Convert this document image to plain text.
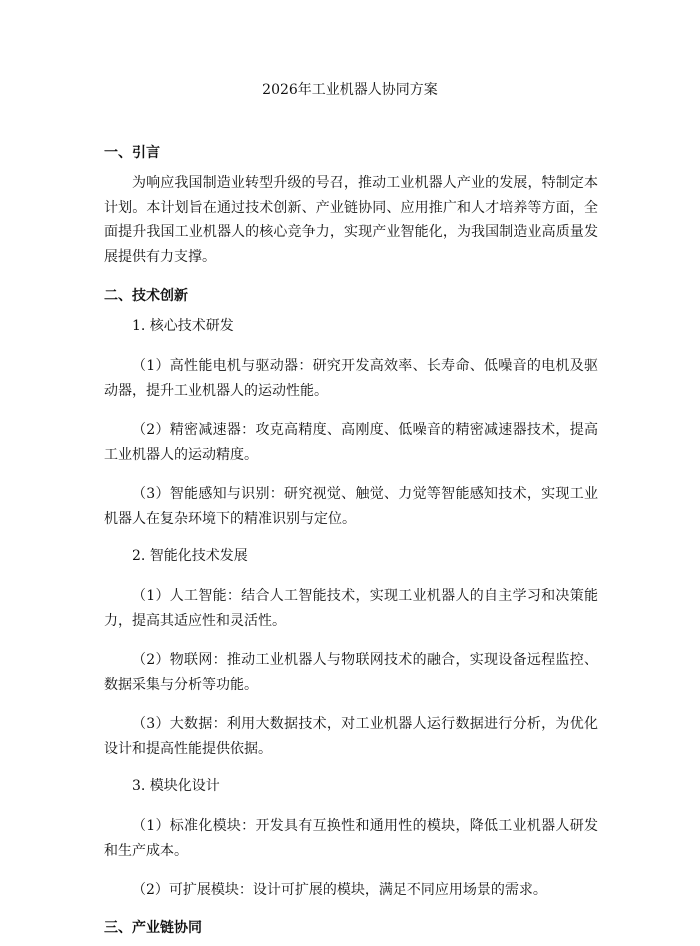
2026年工业机器人协同方案
一、引言

为响应我国制造业转型升级的号召，推动工业机器人产业的发展，特制定本计划。本计划旨在通过技术创新、产业链协同、应用推广和人才培养等方面，全面提升我国工业机器人的核心竞争力，实现产业智能化，为我国制造业高质量发展提供有力支撑。

二、技术创新
1. 核心技术研发

（1）高性能电机与驱动器：研究开发高效率、长寿命、低噪音的电机及驱动器，提升工业机器人的运动性能。

（2）精密减速器：攻克高精度、高刚度、低噪音的精密减速器技术，提高工业机器人的运动精度。

（3）智能感知与识别：研究视觉、触觉、力觉等智能感知技术，实现工业机器人在复杂环境下的精准识别与定位。

2. 智能化技术发展

（1）人工智能：结合人工智能技术，实现工业机器人的自主学习和决策能力，提高其适应性和灵活性。

（2）物联网：推动工业机器人与物联网技术的融合，实现设备远程监控、数据采集与分析等功能。

（3）大数据：利用大数据技术，对工业机器人运行数据进行分析，为优化设计和提高性能提供依据。

3. 模块化设计

（1）标准化模块：开发具有互换性和通用性的模块，降低工业机器人研发和生产成本。

（2）可扩展模块：设计可扩展的模块，满足不同应用场景的需求。

三、产业链协同
